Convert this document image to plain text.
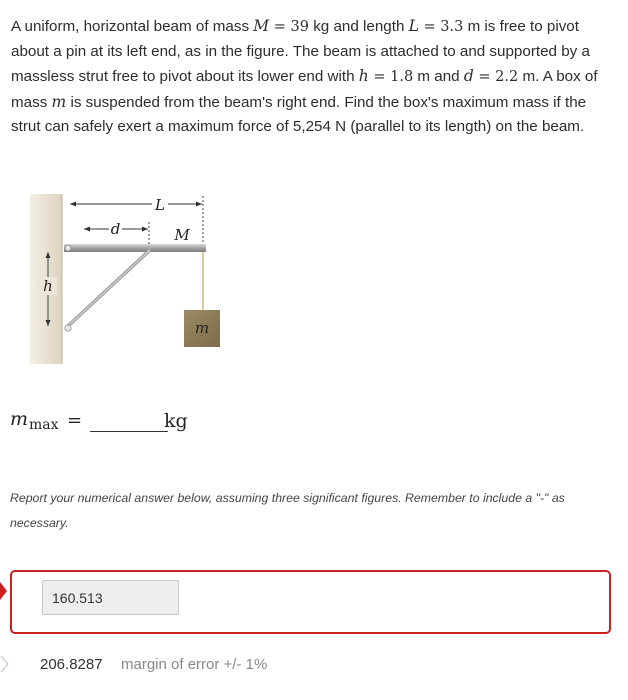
A uniform, horizontal beam of mass M = 39 kg and length L = 3.3 m is free to pivot about a pin at its left end, as in the figure. The beam is attached to and supported by a massless strut free to pivot about its lower end with h = 1.8 m and d = 2.2 m. A box of mass m is suspended from the beam's right end. Find the box's maximum mass if the strut can safely exert a maximum force of 5,254 N (parallel to its length) on the beam.
L
d	M
h
m
$m_{max}$ =	kg
Report your numerical answer below, assuming three significant figures. Remember to include a "-" as necessary.
160.513
206.8287 margin of error +/- 1%
